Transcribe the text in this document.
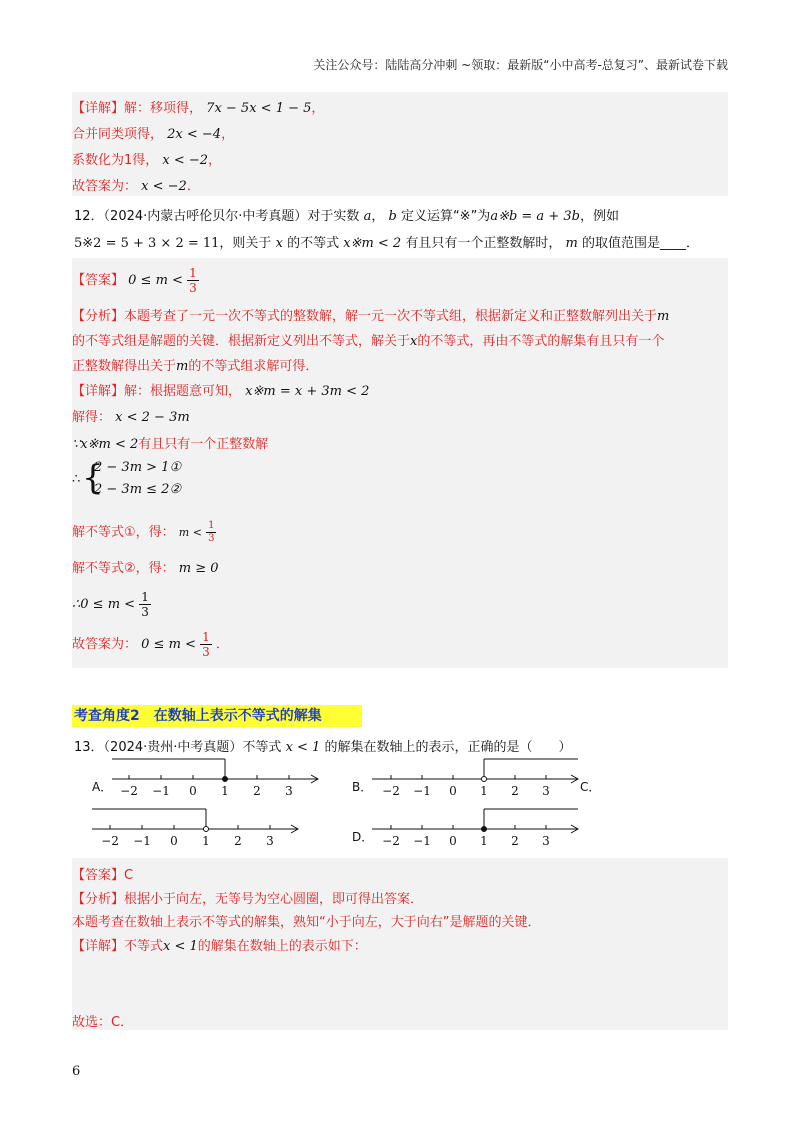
关注公众号：陆陆高分冲刺 ~领取：最新版“小中高考-总复习”、最新试卷下载
【详解】解：移项得， 7x − 5x < 1 − 5，
合并同类项得， 2x < −4，
系数化为1得， x < −2，
故答案为： x < −2．
12．（2024·内蒙古呼伦贝尔·中考真题）对于实数 a， b 定义运算“※”为a※b = a + 3b，例如
5※2 = 5 + 3 × 2 = 11，则关于 x 的不等式 x※m < 2 有且只有一个正整数解时， m 的取值范围是____．
【答案】 $0 \le m < \frac{1}{3}$
【分析】本题考查了一元一次不等式的整数解，解一元一次不等式组，根据新定义和正整数解列出关于m
的不等式组是解题的关键．根据新定义列出不等式，解关于x的不等式，再由不等式的解集有且只有一个
正整数解得出关于m的不等式组求解可得．
【详解】解：根据题意可知， x※m = x + 3m < 2
解得： x < 2 − 3m
∵x※m < 2有且只有一个正整数解
∴ {
2 − 3m > 1①
2 − 3m ≤ 2②
解不等式①，得： $m < \frac{1}{3}$
解不等式②，得： m ≥ 0
∴0 ≤ $m < \frac{1}{3}$
故答案为： $0 \le m < \frac{1}{3}$ ．
考查角度2　在数轴上表示不等式的解集
13．（2024·贵州·中考真题）不等式 x < 1 的解集在数轴上的表示，正确的是（　　）
A．	B．	C．
D．
−2 −1 0 1 2 3	−2 −1 0 1 2 3
−2 −1 0 1 2 3	−2 −1 0 1 2 3
【答案】C
【分析】根据小于向左，无等号为空心圆圈，即可得出答案．
本题考查在数轴上表示不等式的解集，熟知“小于向左，大于向右”是解题的关键．
【详解】不等式x < 1的解集在数轴上的表示如下：
故选：C．
6
